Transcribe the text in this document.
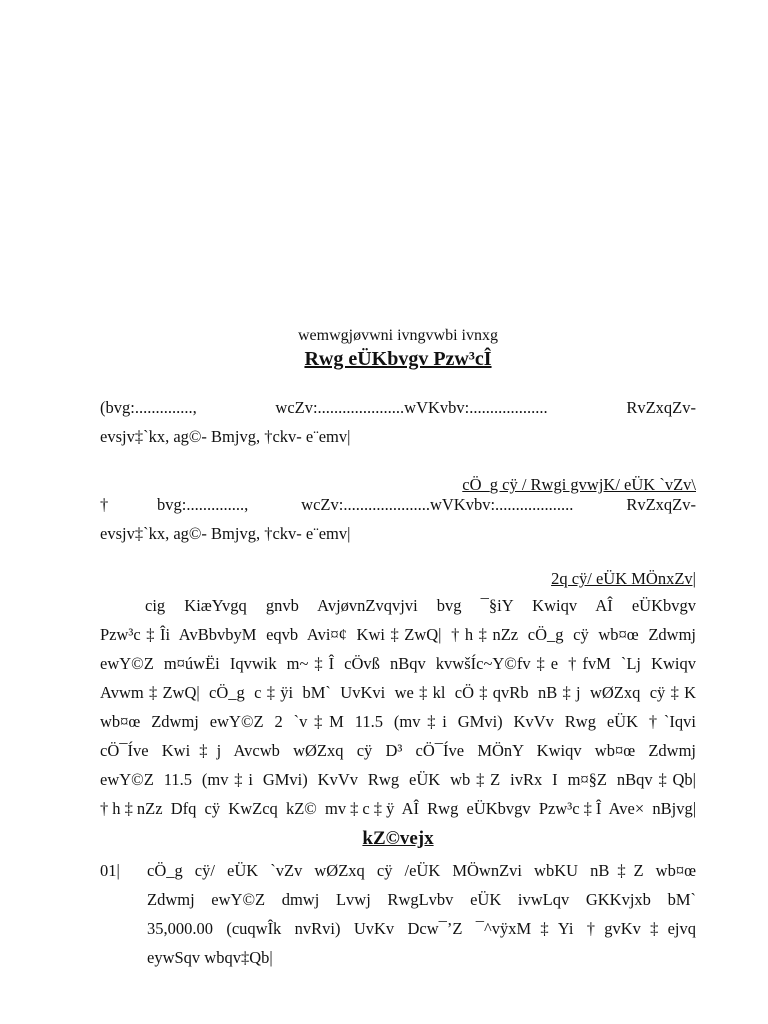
wemwgjøvwni ivngvwbi ivnxg

Rwg eÜKbvgv Pzw³cÎ

(bvg:.............., wcZv:.....................wVKvbv:................... RvZxqZv-
evsjv‡`kx, ag©- Bmjvg, †ckv- e¨emv|
cÖ_g cÿ / Rwgi gvwjK/ eÜK `vZv\
†bvg:.............., wcZv:.....................wVKvbv:................... RvZxqZv-
evsjv‡`kx, ag©- Bmjvg, †ckv- e¨emv|
2q cÿ/ eÜK MÖnxZv|
cig KiæYvgq gnvb AvjøvnZvqvjvi bvg ¯§iY Kwiqv AÎ eÜKbvgv
Pzw³c‡Îi AvBbvbyM eqvb Avi¤¢ Kwi‡ZwQ| †h‡nZz cÖ_g cÿ wb¤œ Zdwmj
ewY©Z m¤úwËi Iqvwik m~‡Î cÖvß nBqv kvwšÍc~Y©fv‡e †fvM `Lj Kwiqv
Avwm‡ZwQ| cÖ_g c‡ÿi bM` UvKvi we‡kl cÖ‡qvRb nB‡j wØZxq cÿ‡K
wb¤œ Zdwmj ewY©Z 2 `v‡M 11.5 (mv‡i GMvi) KvVv Rwg eÜK †`Iqvi
cÖ¯Íve Kwi‡j Avcwb wØZxq cÿ D³ cÖ¯Íve MÖnY Kwiqv wb¤œ Zdwmj
ewY©Z 11.5 (mv‡i GMvi) KvVv Rwg eÜK wb‡Z ivRx I m¤§Z nBqv‡Qb|
†h‡nZz Dfq cÿ KwZcq kZ© mv‡c‡ÿ AÎ Rwg eÜKbvgv Pzw³c‡Î Ave× nBjvg|
kZ©vejx
01|	cÖ_g cÿ/ eÜK `vZv wØZxq cÿ /eÜK MÖwnZvi wbKU nB‡Z wb¤œ
Zdwmj ewY©Z dmwj Lvwj RwgLvbv eÜK ivwLqv GKKvjxb bM`
35,000.00 (cuqwÎk nvRvi) UvKv Dcw¯’Z ¯^vÿxM‡Yi †gvKv‡ejvq
eywSqv wbqv‡Qb|
